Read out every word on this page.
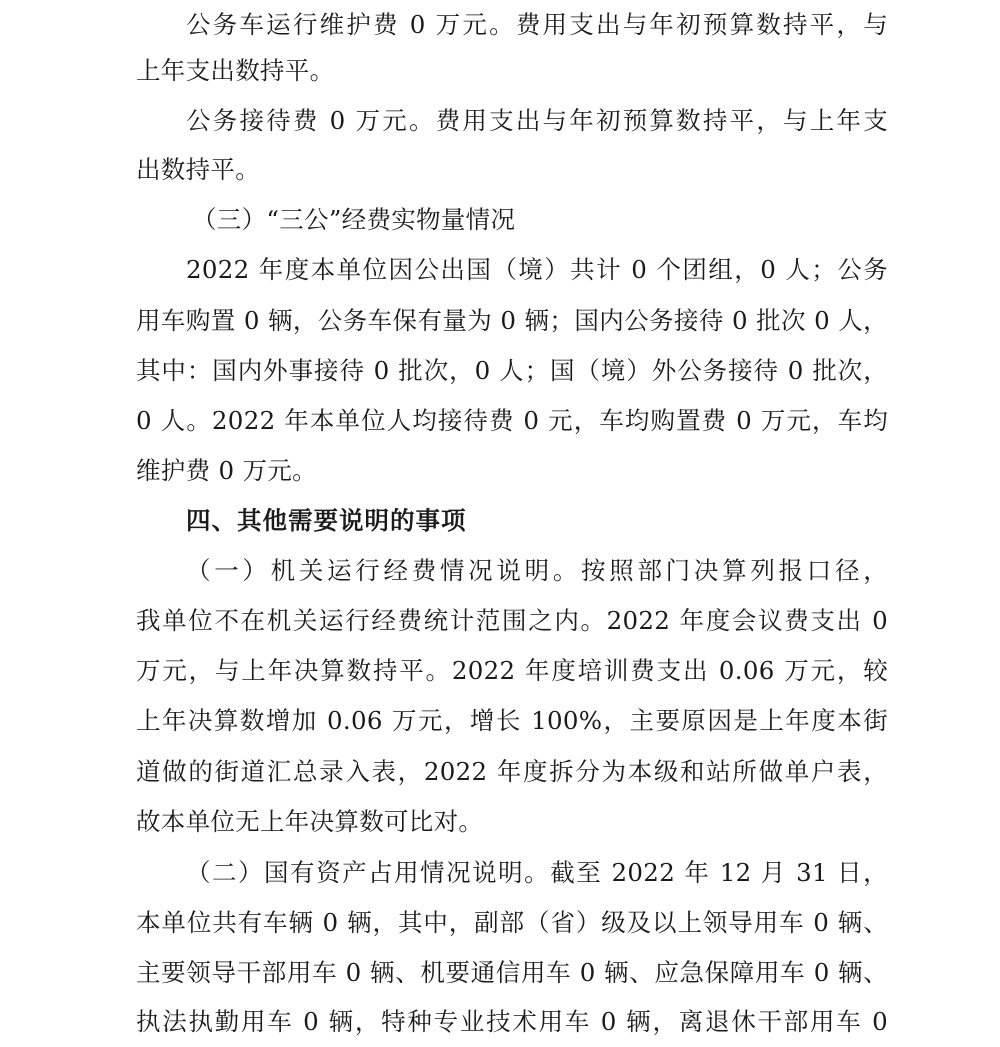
公务车运行维护费 0 万元。费用支出与年初预算数持平，与
上年支出数持平。
公务接待费 0 万元。费用支出与年初预算数持平，与上年支
出数持平。
（三）“三公”经费实物量情况
2022 年度本单位因公出国（境）共计 0 个团组，0 人；公务
用车购置 0 辆，公务车保有量为 0 辆；国内公务接待 0 批次 0 人，
其中：国内外事接待 0 批次，0 人；国（境）外公务接待 0 批次，
0 人。2022 年本单位人均接待费 0 元，车均购置费 0 万元，车均
维护费 0 万元。
四、其他需要说明的事项
（一）机关运行经费情况说明。按照部门决算列报口径，
我单位不在机关运行经费统计范围之内。2022 年度会议费支出 0
万元，与上年决算数持平。2022 年度培训费支出 0.06 万元，较
上年决算数增加 0.06 万元，增长 100%，主要原因是上年度本街
道做的街道汇总录入表，2022 年度拆分为本级和站所做单户表，
故本单位无上年决算数可比对。
（二）国有资产占用情况说明。截至 2022 年 12 月 31 日，
本单位共有车辆 0 辆，其中，副部（省）级及以上领导用车 0 辆、
主要领导干部用车 0 辆、机要通信用车 0 辆、应急保障用车 0 辆、
执法执勤用车 0 辆，特种专业技术用车 0 辆，离退休干部用车 0
